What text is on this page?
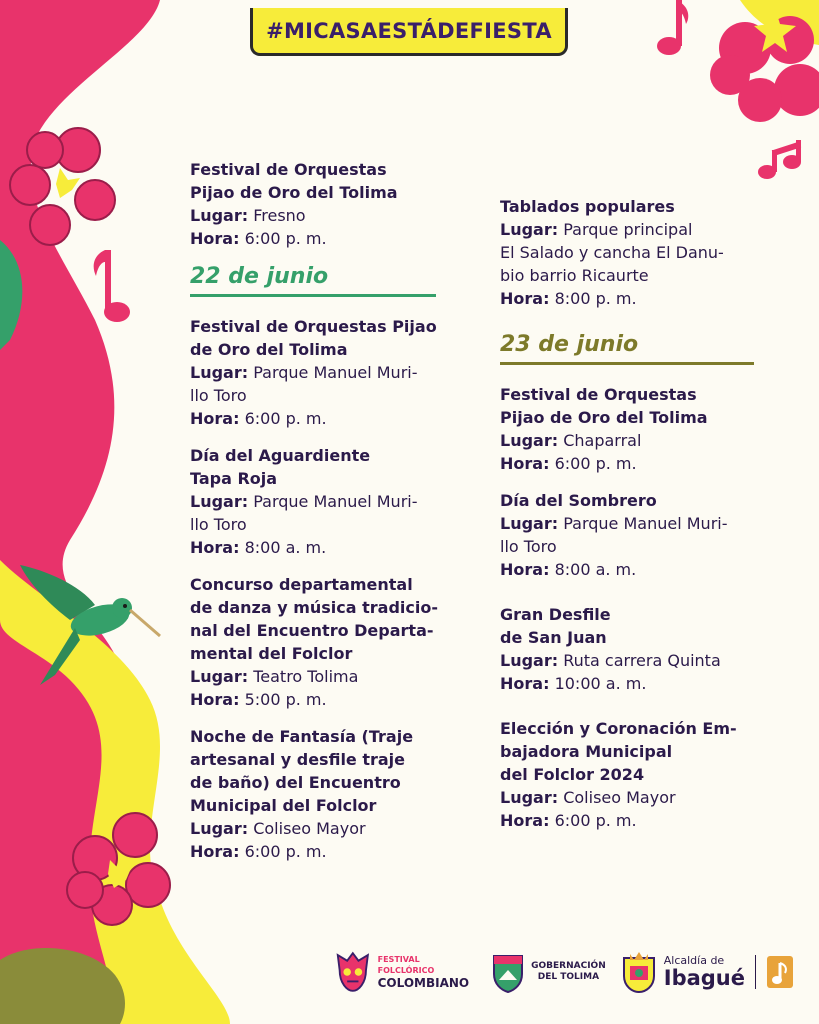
#MICASAESTÁDEFIESTA
Festival de Orquestas
Pijao de Oro del Tolima
Lugar: Fresno
Hora: 6:00 p. m.
22 de junio
Festival de Orquestas Pijao
de Oro del Tolima
Lugar: Parque Manuel Muri-
llo Toro
Hora: 6:00 p. m.
Día del Aguardiente
Tapa Roja
Lugar: Parque Manuel Muri-
llo Toro
Hora: 8:00 a. m.
Concurso departamental
de danza y música tradicio-
nal del Encuentro Departa-
mental del Folclor
Lugar: Teatro Tolima
Hora: 5:00 p. m.
Noche de Fantasía (Traje
artesanal y desfile traje
de baño) del Encuentro
Municipal del Folclor
Lugar: Coliseo Mayor
Hora: 6:00 p. m.
Tablados populares
Lugar: Parque principal
El Salado y cancha El Danu-
bio barrio Ricaurte
Hora: 8:00 p. m.
23 de junio
Festival de Orquestas
Pijao de Oro del Tolima
Lugar: Chaparral
Hora: 6:00 p. m.
Día del Sombrero
Lugar: Parque Manuel Muri-
llo Toro
Hora: 8:00 a. m.
Gran Desfile
de San Juan
Lugar: Ruta carrera Quinta
Hora: 10:00 a. m.
Elección y Coronación Em-
bajadora Municipal
del Folclor 2024
Lugar: Coliseo Mayor
Hora: 6:00 p. m.
FESTIVAL FOLCLÓRICO
COLOMBIANO
GOBERNACIÓN
DEL TOLIMA
Alcaldía de
Ibagué
